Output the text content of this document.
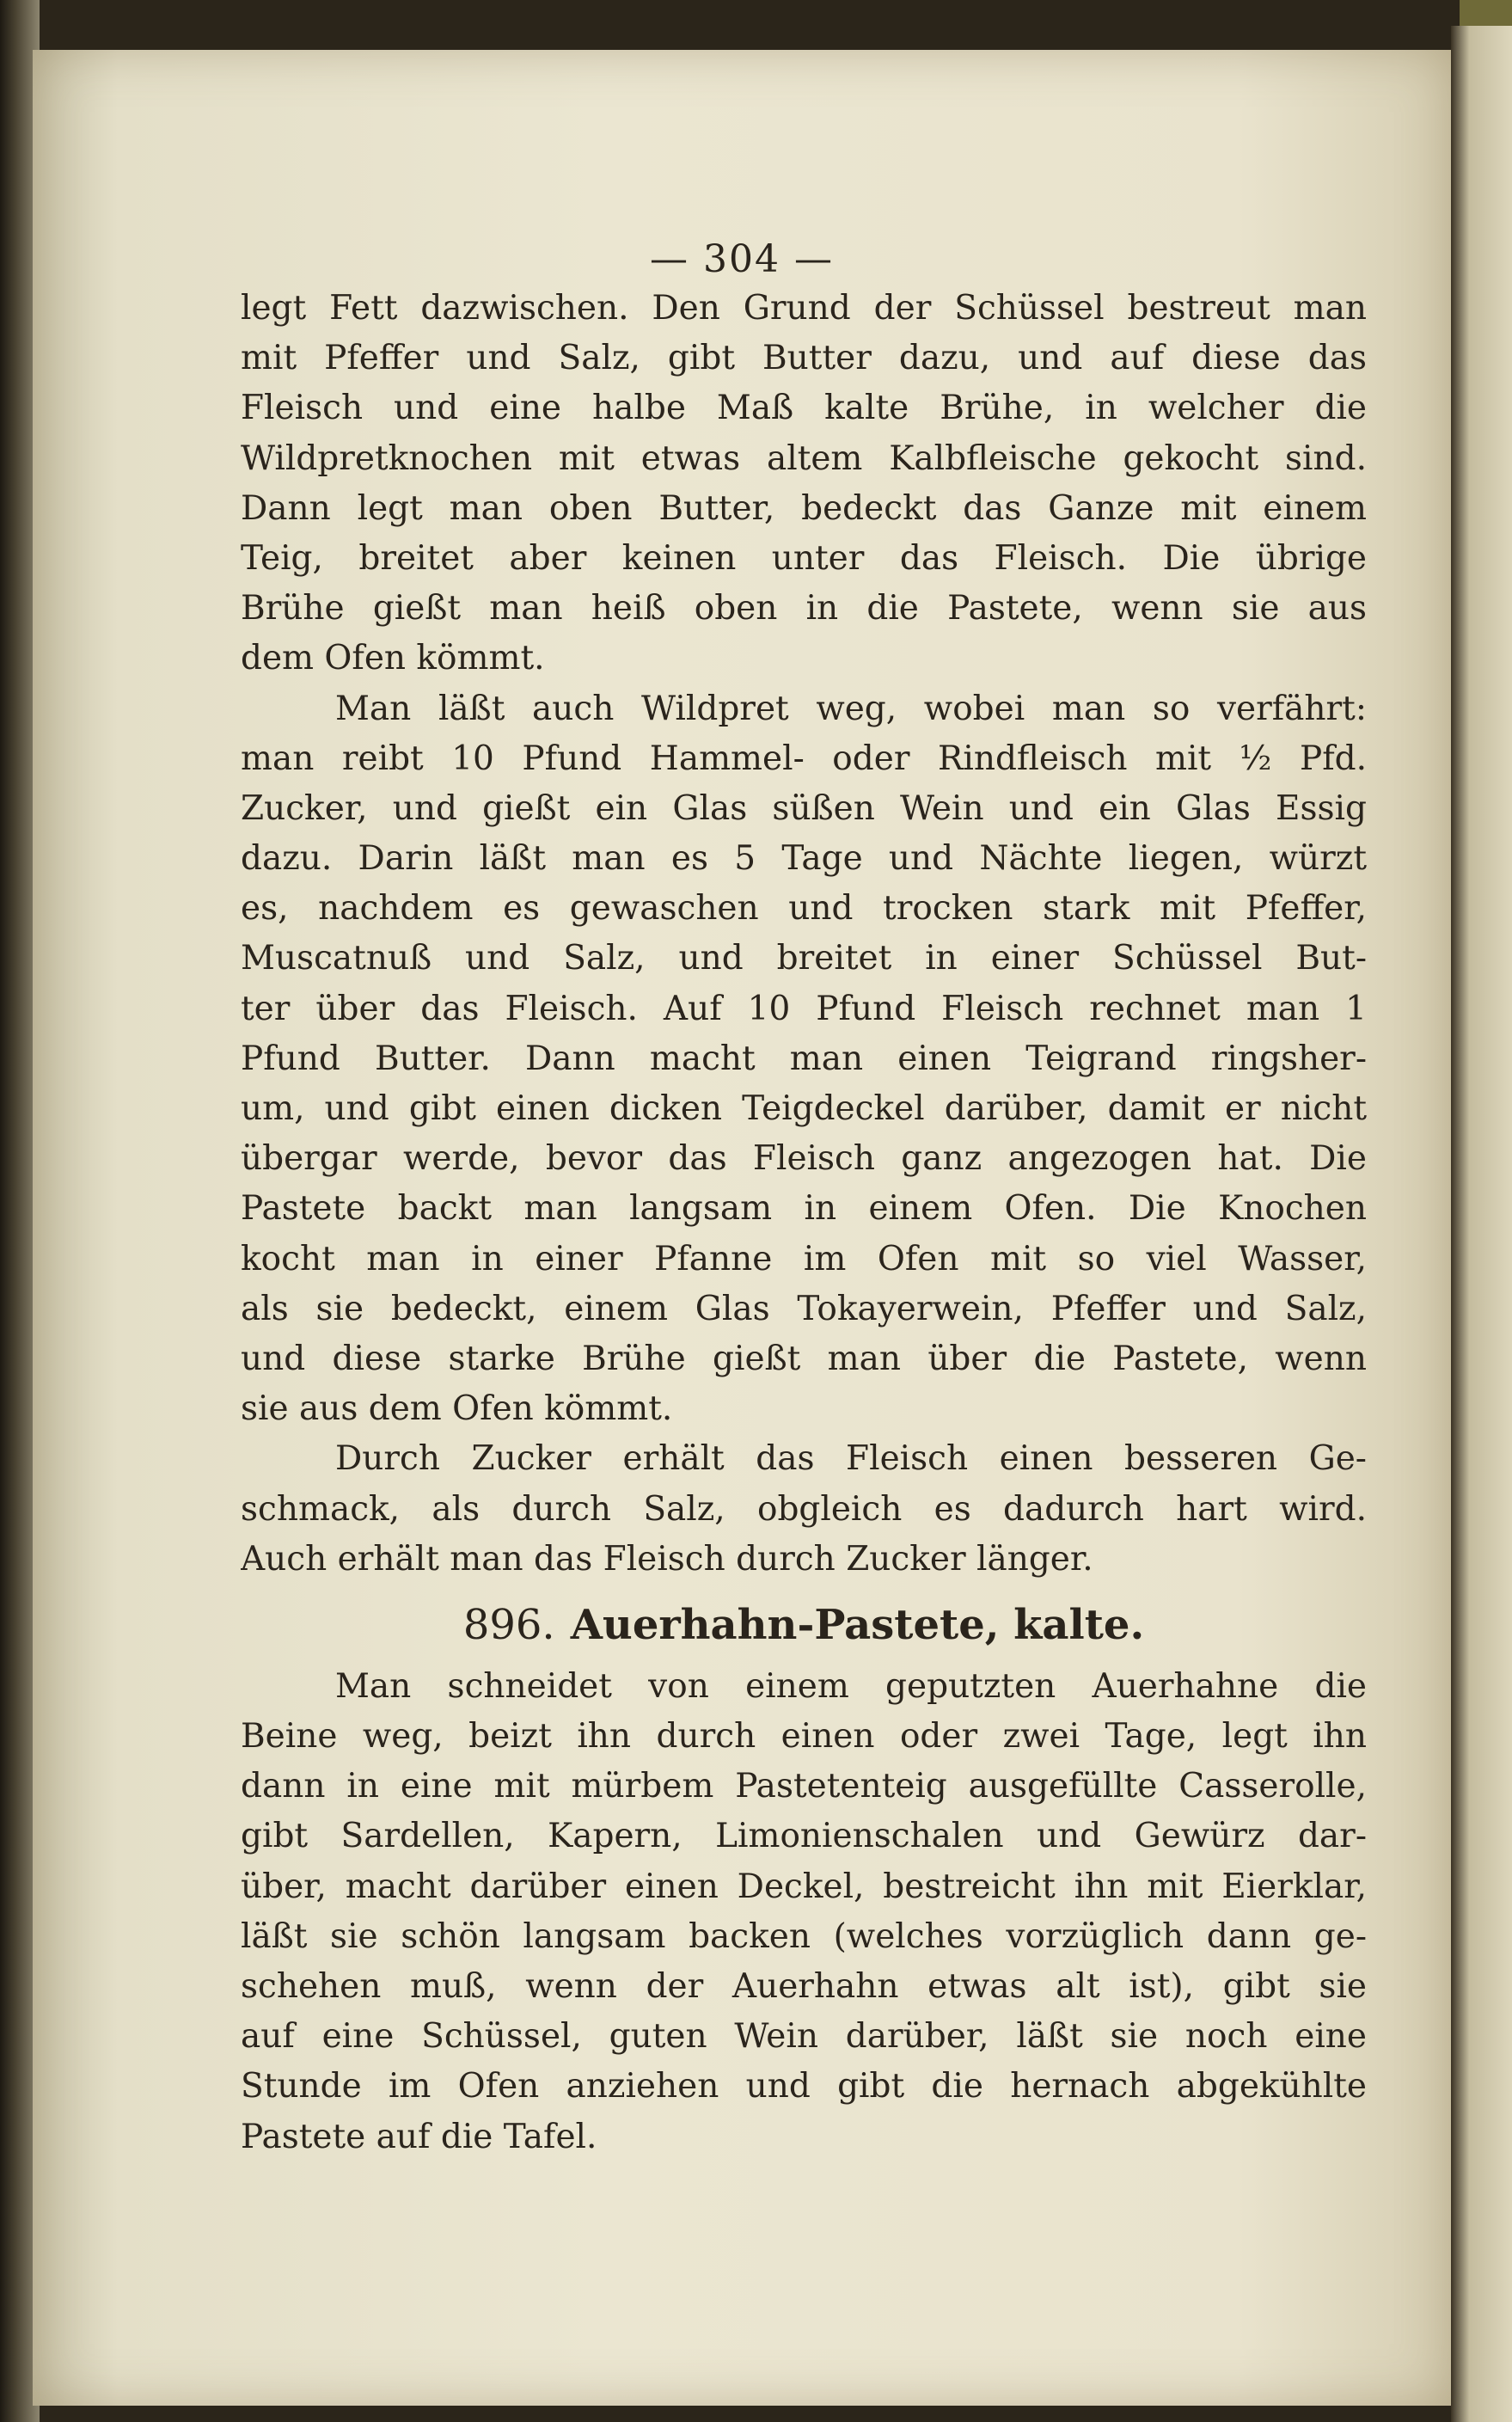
— 304 —
legt Fett dazwischen. Den Grund der Schüssel bestreut man
mit Pfeffer und Salz, gibt Butter dazu, und auf diese das
Fleisch und eine halbe Maß kalte Brühe, in welcher die
Wildpretknochen mit etwas altem Kalbfleische gekocht sind.
Dann legt man oben Butter, bedeckt das Ganze mit einem
Teig, breitet aber keinen unter das Fleisch. Die übrige
Brühe gießt man heiß oben in die Pastete, wenn sie aus
dem Ofen kömmt.
Man läßt auch Wildpret weg, wobei man so verfährt:
man reibt 10 Pfund Hammel- oder Rindfleisch mit ½ Pfd.
Zucker, und gießt ein Glas süßen Wein und ein Glas Essig
dazu. Darin läßt man es 5 Tage und Nächte liegen, würzt
es, nachdem es gewaschen und trocken stark mit Pfeffer,
Muscatnuß und Salz, und breitet in einer Schüssel But-
ter über das Fleisch. Auf 10 Pfund Fleisch rechnet man 1
Pfund Butter. Dann macht man einen Teigrand ringsher-
um, und gibt einen dicken Teigdeckel darüber, damit er nicht
übergar werde, bevor das Fleisch ganz angezogen hat. Die
Pastete backt man langsam in einem Ofen. Die Knochen
kocht man in einer Pfanne im Ofen mit so viel Wasser,
als sie bedeckt, einem Glas Tokayerwein, Pfeffer und Salz,
und diese starke Brühe gießt man über die Pastete, wenn
sie aus dem Ofen kömmt.
Durch Zucker erhält das Fleisch einen besseren Ge-
schmack, als durch Salz, obgleich es dadurch hart wird.
Auch erhält man das Fleisch durch Zucker länger.
896. Auerhahn-Pastete, kalte.
Man schneidet von einem geputzten Auerhahne die
Beine weg, beizt ihn durch einen oder zwei Tage, legt ihn
dann in eine mit mürbem Pastetenteig ausgefüllte Casserolle,
gibt Sardellen, Kapern, Limonienschalen und Gewürz dar-
über, macht darüber einen Deckel, bestreicht ihn mit Eierklar,
läßt sie schön langsam backen (welches vorzüglich dann ge-
schehen muß, wenn der Auerhahn etwas alt ist), gibt sie
auf eine Schüssel, guten Wein darüber, läßt sie noch eine
Stunde im Ofen anziehen und gibt die hernach abgekühlte
Pastete auf die Tafel.
